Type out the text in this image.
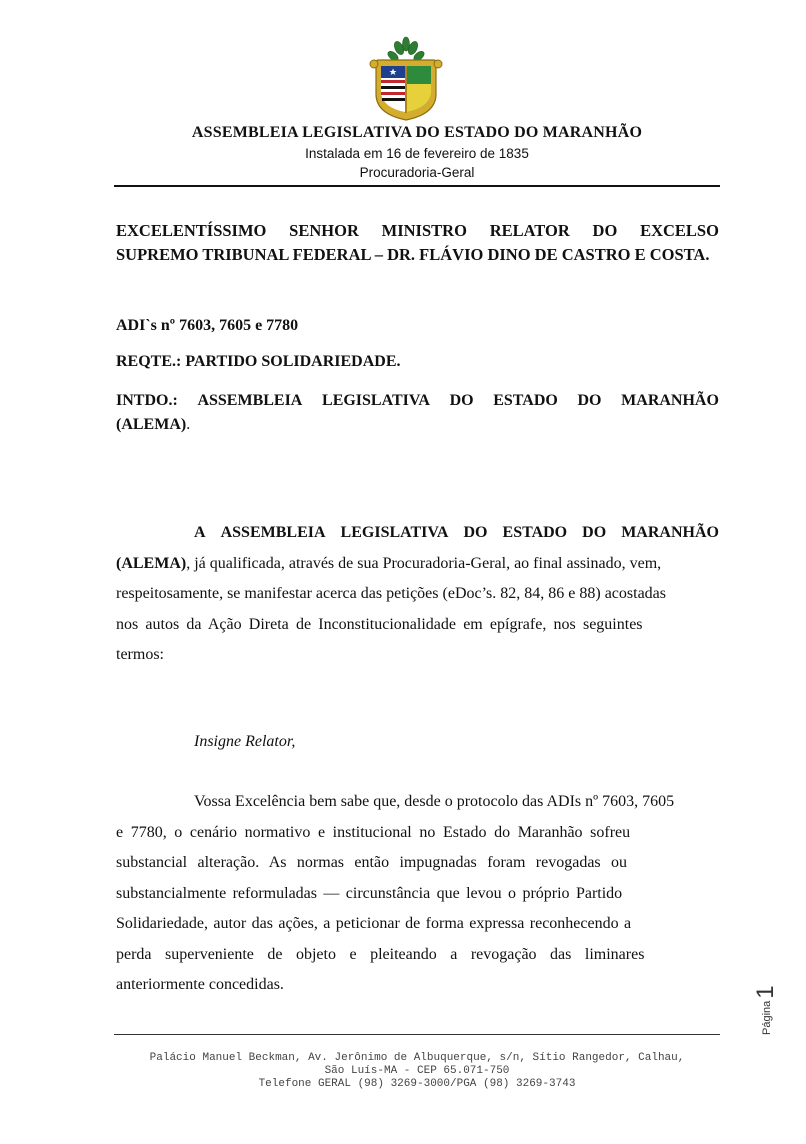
ASSEMBLEIA LEGISLATIVA DO ESTADO DO MARANHÃO
Instalada em 16 de fevereiro de 1835
Procuradoria-Geral
EXCELENTÍSSIMO SENHOR MINISTRO RELATOR DO EXCELSO
SUPREMO TRIBUNAL FEDERAL – DR. FLÁVIO DINO DE CASTRO E COSTA.
ADI`s nº 7603, 7605 e 7780
REQTE.: PARTIDO SOLIDARIEDADE.
INTDO.: ASSEMBLEIA LEGISLATIVA DO ESTADO DO MARANHÃO
(ALEMA).
A ASSEMBLEIA LEGISLATIVA DO ESTADO DO MARANHÃO
(ALEMA) , já qualificada, através de sua Procuradoria-Geral, ao final assinado, vem,
respeitosamente, se manifestar acerca das petições (eDoc’s. 82, 84, 86 e 88) acostadas
nos autos da Ação Direta de Inconstitucionalidade em epígrafe, nos seguintes
termos:
Insigne Relator,
Vossa Excelência bem sabe que, desde o protocolo das ADIs nº 7603, 7605
e 7780, o cenário normativo e institucional no Estado do Maranhão sofreu
substancial alteração. As normas então impugnadas foram revogadas ou
substancialmente reformuladas — circunstância que levou o próprio Partido
Solidariedade, autor das ações, a peticionar de forma expressa reconhecendo a
perda superveniente de objeto e pleiteando a revogação das liminares
anteriormente concedidas.
Página1
Palácio Manuel Beckman, Av. Jerônimo de Albuquerque, s/n, Sítio Rangedor, Calhau,
São Luís-MA - CEP 65.071-750
Telefone GERAL (98) 3269-3000/PGA (98) 3269-3743
